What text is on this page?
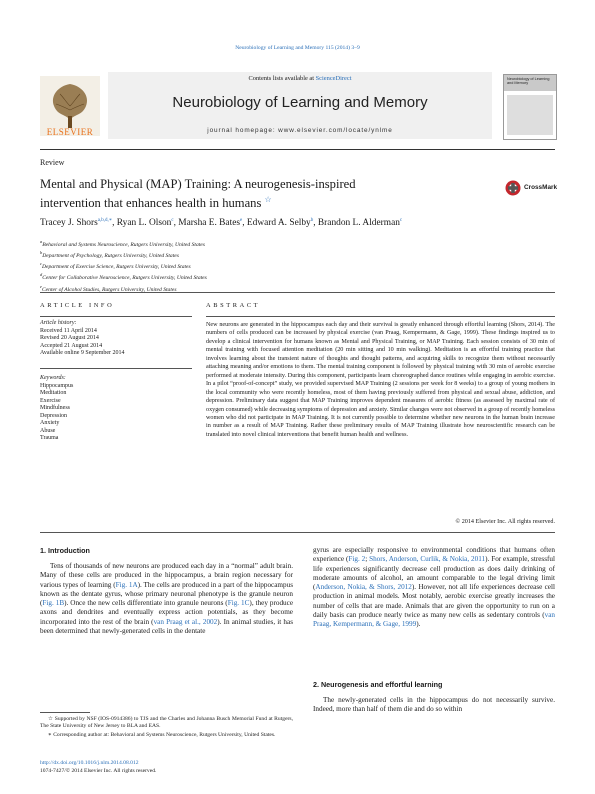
Neurobiology of Learning and Memory 115 (2014) 3–9
ELSEVIER
Contents lists available at ScienceDirect
Neurobiology of Learning and Memory
journal homepage: www.elsevier.com/locate/ynlme
Neurobiology of Learning and Memory
Review
Mental and Physical (MAP) Training: A neurogenesis-inspired
intervention that enhances health in humans ☆
CrossMark
Tracey J. Shors$^{a,b,d,∗}$, Ryan L. Olson$^c$, Marsha E. Bates$^e$, Edward A. Selby$^b$, Brandon L. Alderman$^c$
$^a$Behavioral and Systems Neuroscience, Rutgers University, United States
$^b$Department of Psychology, Rutgers University, United States
$^c$Department of Exercise Science, Rutgers University, United States
$^d$Center for Collaborative Neuroscience, Rutgers University, United States
$^e$Center of Alcohol Studies, Rutgers University, United States
ARTICLE INFO
Article history:
Received 11 April 2014
Revised 20 August 2014
Accepted 21 August 2014
Available online 9 September 2014
Keywords:
Hippocampus
Meditation
Exercise
Mindfulness
Depression
Anxiety
Abuse
Trauma
ABSTRACT
New neurons are generated in the hippocampus each day and their survival is greatly enhanced through effortful learning (Shors, 2014). The numbers of cells produced can be increased by physical exercise (van Praag, Kempermann, & Gage, 1999). These findings inspired us to develop a clinical intervention for humans known as Mental and Physical Training, or MAP Training. Each session consists of 30 min of mental training with focused attention meditation (20 min sitting and 10 min walking). Meditation is an effortful training practice that involves learning about the transient nature of thoughts and thought patterns, and acquiring skills to recognize them without necessarily attaching meaning and/or emotions to them. The mental training component is followed by physical training with 30 min of aerobic exercise performed at moderate intensity. During this component, participants learn choreographed dance routines while engaging in aerobic exercise. In a pilot “proof-of-concept” study, we provided supervised MAP Training (2 sessions per week for 8 weeks) to a group of young mothers in the local community who were recently homeless, most of them having previously suffered from physical and sexual abuse, addiction, and depression. Preliminary data suggest that MAP Training improves dependent measures of aerobic fitness (as assessed by maximal rate of oxygen consumed) while decreasing symptoms of depression and anxiety. Similar changes were not observed in a group of recently homeless women who did not participate in MAP Training. It is not currently possible to determine whether new neurons in the human brain increase in number as a result of MAP Training. Rather these preliminary results of MAP Training illustrate how neuroscientific research can be translated into novel clinical interventions that benefit human health and wellness.
© 2014 Elsevier Inc. All rights reserved.
1. Introduction
Tens of thousands of new neurons are produced each day in a “normal” adult brain. Many of these cells are produced in the hippocampus, a brain region necessary for various types of learning (Fig. 1A). The cells are produced in a part of the hippocampus known as the dentate gyrus, whose primary neuronal phenotype is the granule neuron (Fig. 1B). Once the new cells differentiate into granule neurons (Fig. 1C), they produce axons and dendrites and eventually express action potentials, as they become incorporated into the rest of the brain (van Praag et al., 2002). In animal studies, it has been determined that newly-generated cells in the dentate
☆ Supported by NSF (IOS-0914386) to TJS and the Charles and Johanna Busch Memorial Fund at Rutgers, The State University of New Jersey to BLA and EAS.
∗ Corresponding author at: Behavioral and Systems Neuroscience, Rutgers University, United States.
http://dx.doi.org/10.1016/j.nlm.2014.08.012
1074-7427/© 2014 Elsevier Inc. All rights reserved.
gyrus are especially responsive to environmental conditions that humans often experience (Fig. 2; Shors, Anderson, Curlik, & Nokia, 2011). For example, stressful life experiences significantly decrease cell production as does daily drinking of moderate amounts of alcohol, an amount comparable to the legal driving limit (Anderson, Nokia, & Shors, 2012). However, not all life experiences decrease cell production in animal models. Most notably, aerobic exercise greatly increases the number of cells that are made. Animals that are given the opportunity to run on a daily basis can produce nearly twice as many new cells as sedentary controls (van Praag, Kempermann, & Gage, 1999).
2. Neurogenesis and effortful learning
The newly-generated cells in the hippocampus do not necessarily survive. Indeed, more than half of them die and do so within
